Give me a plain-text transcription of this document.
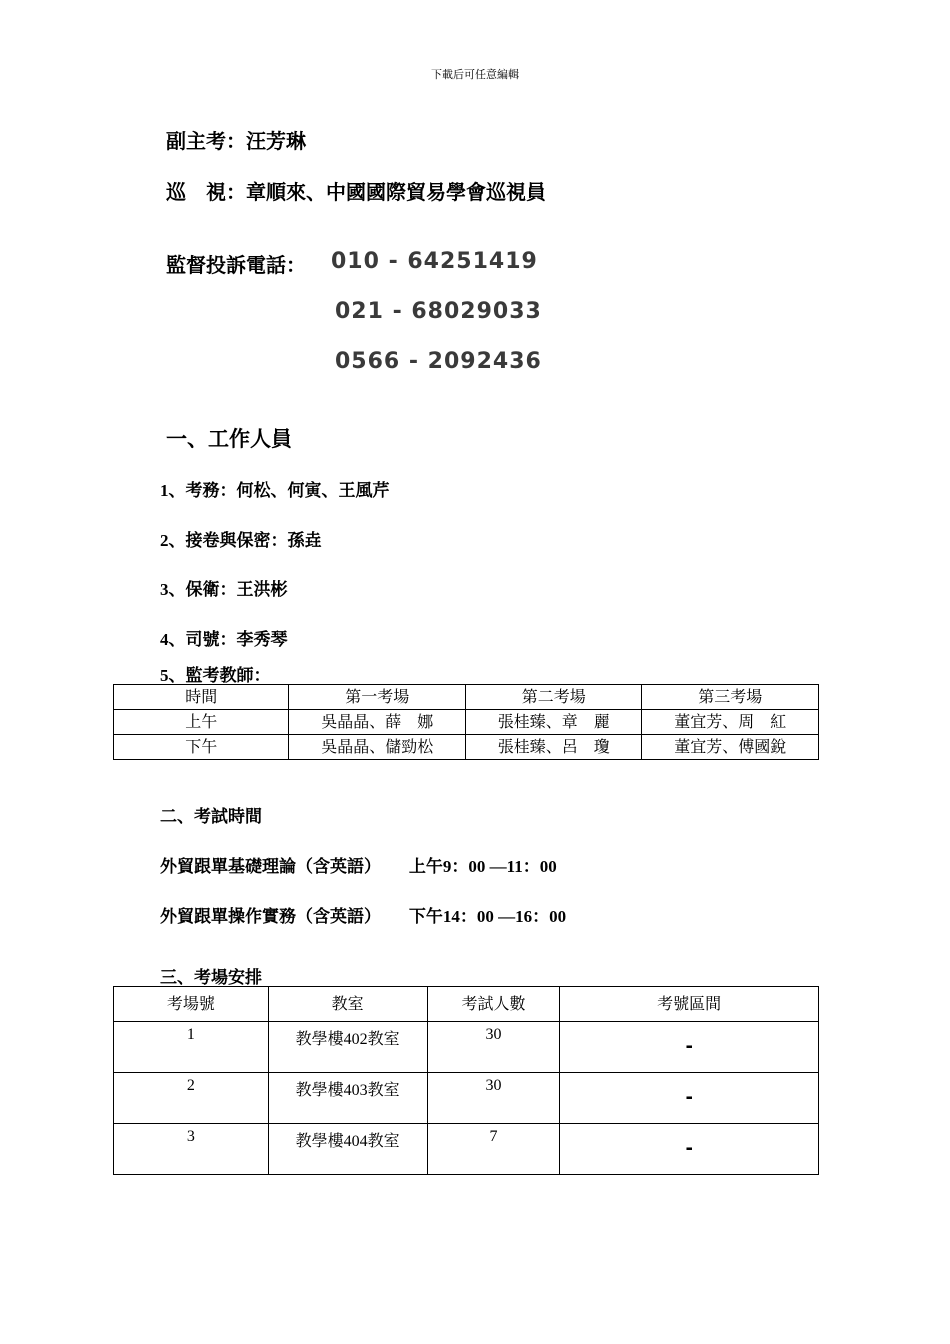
下載后可任意編輯
副主考：汪芳琳
巡　視：章順來、中國國際貿易學會巡視員
監督投訴電話： 010 - 64251419
021 - 68029033
0566 - 2092436
一、工作人員
1、考務：何松、何寅、王風芹
2、接卷與保密：孫垚
3、保衛：王洪彬
4、司號：李秀琴
5、監考教師：
時間	第一考場	第二考場	第三考場
上午	吳晶晶、薛　娜	張桂臻、章　麗	董宜芳、周　紅
下午	吳晶晶、儲勁松	張桂臻、呂　瓊	董宜芳、傅國銳
二、考試時間
外貿跟單基礎理論（含英語） 上午9：00 —11：00
外貿跟單操作實務（含英語） 下午14：00 —16：00
三、考場安排
考場號	教室	考試人數	考號區間
1	教學樓402教室	30	-

2	教學樓403教室	30	-

3	教學樓404教室	7	-
